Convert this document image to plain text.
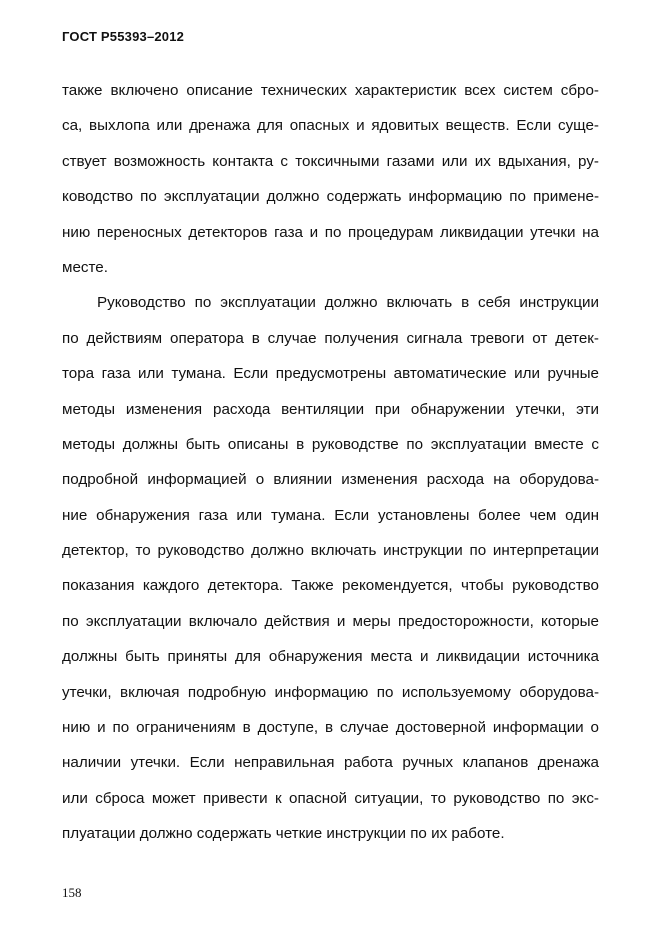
ГОСТ Р55393–2012
также включено описание технических характеристик всех систем сбро-
са, выхлопа или дренажа для опасных и ядовитых веществ. Если суще-
ствует возможность контакта с токсичными газами или их вдыхания, ру-
ководство по эксплуатации должно содержать информацию по примене-
нию переносных детекторов газа и по процедурам ликвидации утечки на
месте.
Руководство по эксплуатации должно включать в себя инструкции
по действиям оператора в случае получения сигнала тревоги от детек-
тора газа или тумана. Если предусмотрены автоматические или ручные
методы изменения расхода вентиляции при обнаружении утечки, эти
методы должны быть описаны в руководстве по эксплуатации вместе с
подробной информацией о влиянии изменения расхода на оборудова-
ние обнаружения газа или тумана. Если установлены более чем один
детектор, то руководство должно включать инструкции по интерпретации
показания каждого детектора. Также рекомендуется, чтобы руководство
по эксплуатации включало действия и меры предосторожности, которые
должны быть приняты для обнаружения места и ликвидации источника
утечки, включая подробную информацию по используемому оборудова-
нию и по ограничениям в доступе, в случае достоверной информации о
наличии утечки. Если неправильная работа ручных клапанов дренажа
или сброса может привести к опасной ситуации, то руководство по экс-
плуатации должно содержать четкие инструкции по их работе.
158
